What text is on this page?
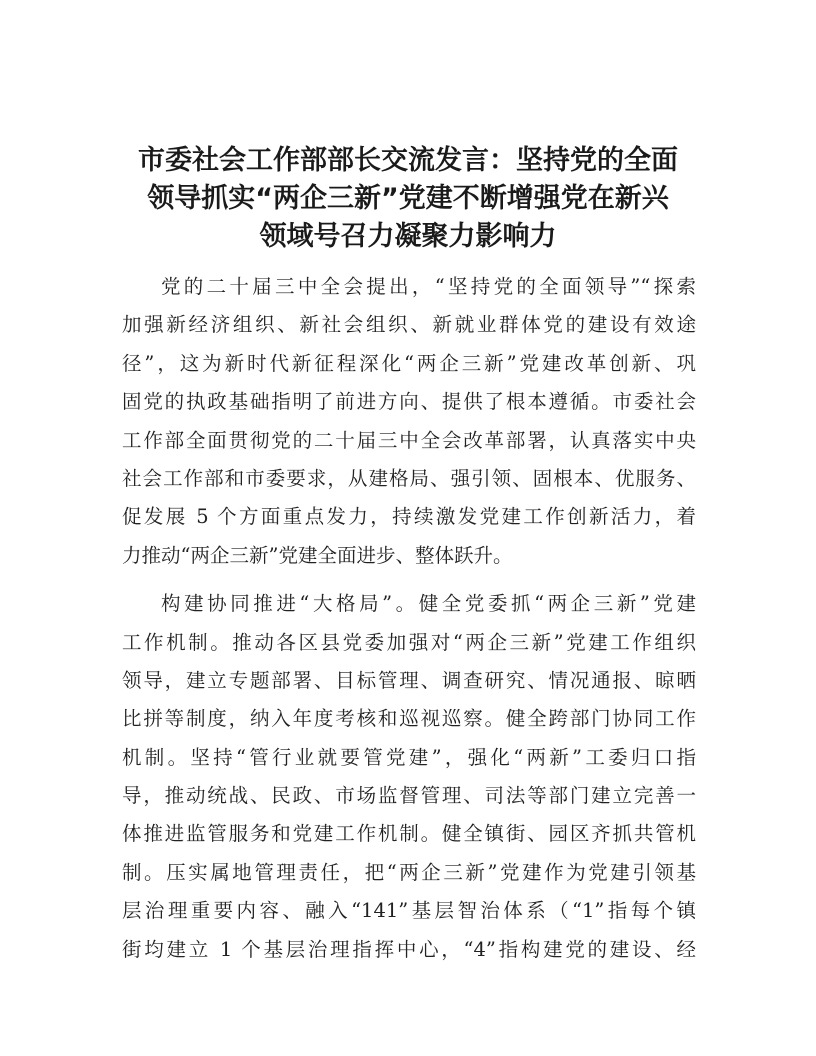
市委社会工作部部长交流发言：坚持党的全面
领导抓实“两企三新”党建不断增强党在新兴
领域号召力凝聚力影响力

党的二十届三中全会提出，“坚持党的全面领导”“探索
加强新经济组织、新社会组织、新就业群体党的建设有效途
径”，这为新时代新征程深化“两企三新”党建改革创新、巩
固党的执政基础指明了前进方向、提供了根本遵循。市委社会
工作部全面贯彻党的二十届三中全会改革部署，认真落实中央
社会工作部和市委要求，从建格局、强引领、固根本、优服务、
促发展 5 个方面重点发力，持续激发党建工作创新活力，着
力推动“两企三新”党建全面进步、整体跃升。

构建协同推进“大格局”。健全党委抓“两企三新”党建
工作机制。推动各区县党委加强对“两企三新”党建工作组织
领导，建立专题部署、目标管理、调查研究、情况通报、晾晒
比拼等制度，纳入年度考核和巡视巡察。健全跨部门协同工作
机制。坚持“管行业就要管党建”，强化“两新”工委归口指
导，推动统战、民政、市场监督管理、司法等部门建立完善一
体推进监管服务和党建工作机制。健全镇街、园区齐抓共管机
制。压实属地管理责任，把“两企三新”党建作为党建引领基
层治理重要内容、融入“141”基层智治体系（“1”指每个镇
街均建立 1 个基层治理指挥中心，“4”指构建党的建设、经
